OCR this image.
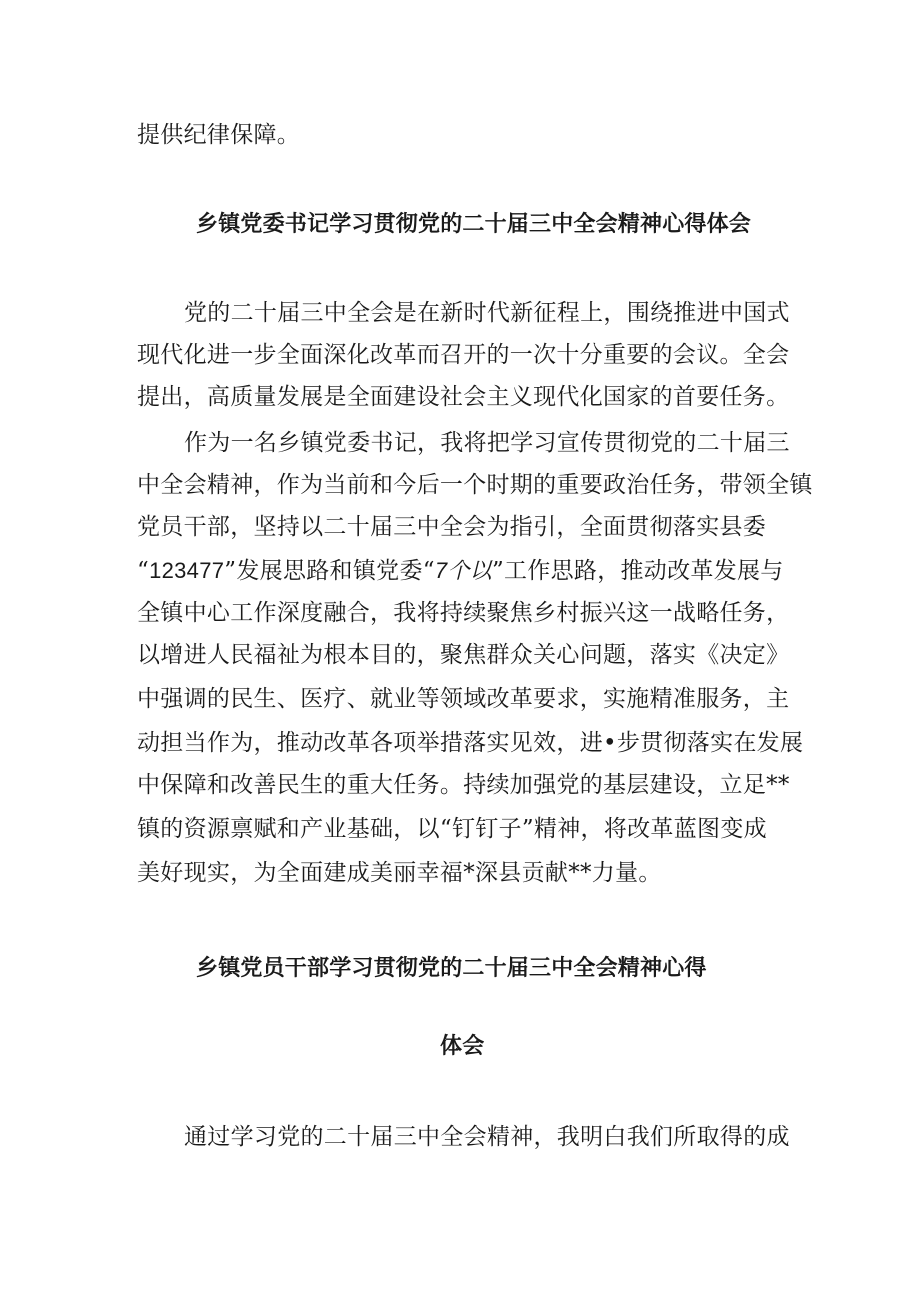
提供纪律保障。
乡镇党委书记学习贯彻党的二十届三中全会精神心得体会
党的二十届三中全会是在新时代新征程上，围绕推进中国式
现代化进一步全面深化改革而召开的一次十分重要的会议。全会
提出，高质量发展是全面建设社会主义现代化国家的首要任务。
作为一名乡镇党委书记，我将把学习宣传贯彻党的二十届三
中全会精神，作为当前和今后一个时期的重要政治任务，带领全镇
党员干部，坚持以二十届三中全会为指引，全面贯彻落实县委
“123477”发展思路和镇党委“7个以”工作思路，推动改革发展与
全镇中心工作深度融合，我将持续聚焦乡村振兴这一战略任务，
以增进人民福祉为根本目的，聚焦群众关心问题，落实《决定》
中强调的民生、医疗、就业等领域改革要求，实施精准服务，主
动担当作为，推动改革各项举措落实见效，进•步贯彻落实在发展
中保障和改善民生的重大任务。持续加强党的基层建设，立足**
镇的资源禀赋和产业基础，以“钉钉子”精神，将改革蓝图变成
美好现实，为全面建成美丽幸福*深县贡献**力量。
乡镇党员干部学习贯彻党的二十届三中全会精神心得
体会
通过学习党的二十届三中全会精神，我明白我们所取得的成
